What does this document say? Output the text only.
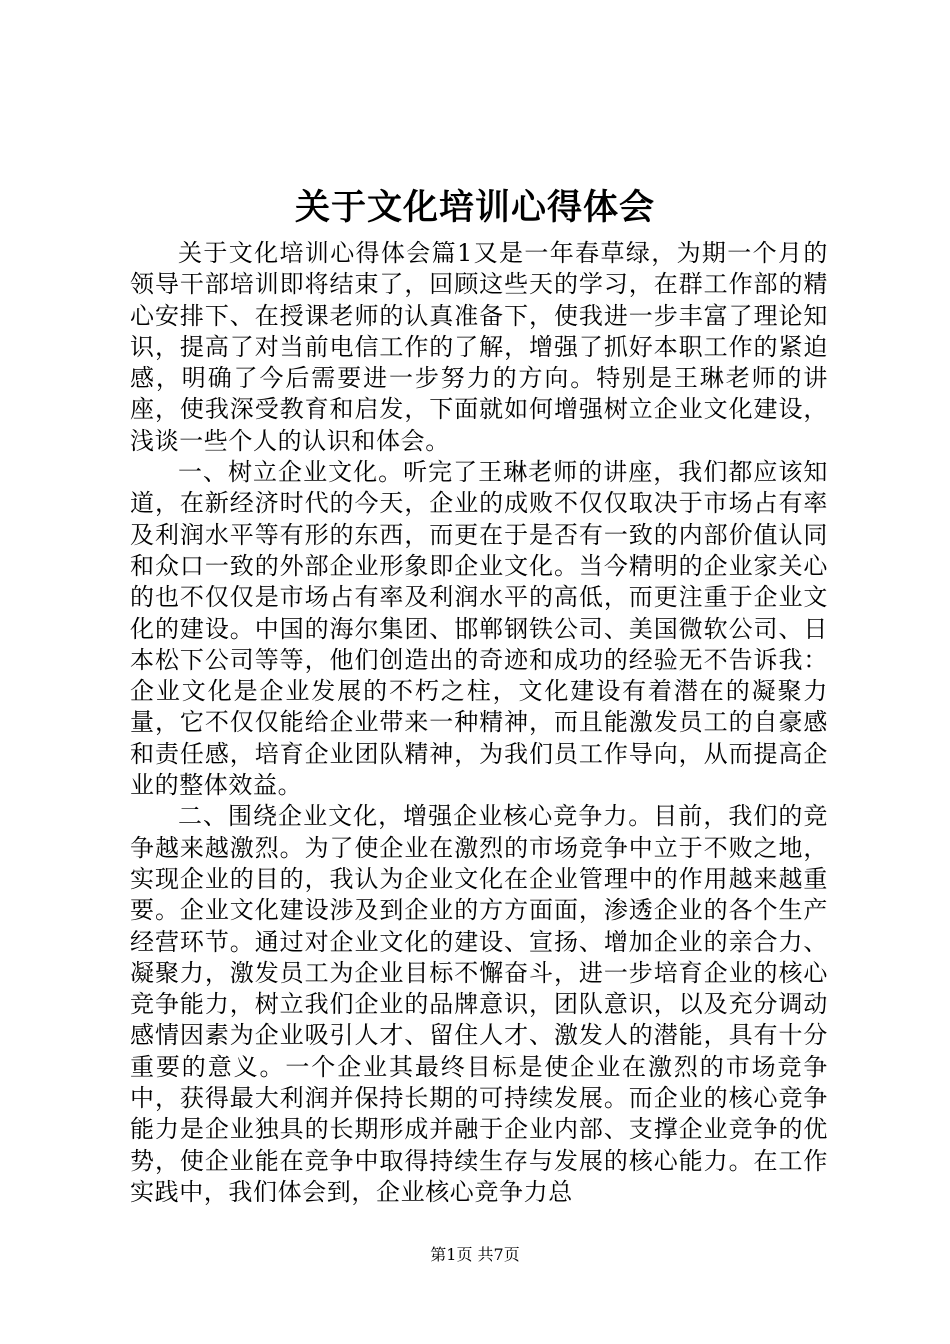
关于文化培训心得体会

关于文化培训心得体会篇1又是一年春草绿，为期一个月的领导干部培训即将结束了，回顾这些天的学习，在群工作部的精心安排下、在授课老师的认真准备下，使我进一步丰富了理论知识，提高了对当前电信工作的了解，增强了抓好本职工作的紧迫感，明确了今后需要进一步努力的方向。特别是王琳老师的讲座，使我深受教育和启发，下面就如何增强树立企业文化建设，浅谈一些个人的认识和体会。

一、树立企业文化。听完了王琳老师的讲座，我们都应该知道，在新经济时代的今天，企业的成败不仅仅取决于市场占有率及利润水平等有形的东西，而更在于是否有一致的内部价值认同和众口一致的外部企业形象即企业文化。当今精明的企业家关心的也不仅仅是市场占有率及利润水平的高低，而更注重于企业文化的建设。中国的海尔集团、邯郸钢铁公司、美国微软公司、日本松下公司等等，他们创造出的奇迹和成功的经验无不告诉我：企业文化是企业发展的不朽之柱，文化建设有着潜在的凝聚力量，它不仅仅能给企业带来一种精神，而且能激发员工的自豪感和责任感，培育企业团队精神，为我们员工作导向，从而提高企业的整体效益。

二、围绕企业文化，增强企业核心竞争力。目前，我们的竞争越来越激烈。为了使企业在激烈的市场竞争中立于不败之地，实现企业的目的，我认为企业文化在企业管理中的作用越来越重要。企业文化建设涉及到企业的方方面面，渗透企业的各个生产经营环节。通过对企业文化的建设、宣扬、增加企业的亲合力、凝聚力，激发员工为企业目标不懈奋斗，进一步培育企业的核心竞争能力，树立我们企业的品牌意识，团队意识，以及充分调动感情因素为企业吸引人才、留住人才、激发人的潜能，具有十分重要的意义。一个企业其最终目标是使企业在激烈的市场竞争中，获得最大利润并保持长期的可持续发展。而企业的核心竞争能力是企业独具的长期形成并融于企业内部、支撑企业竞争的优势，使企业能在竞争中取得持续生存与发展的核心能力。在工作实践中，我们体会到，企业核心竞争力总

第1页 共7页
